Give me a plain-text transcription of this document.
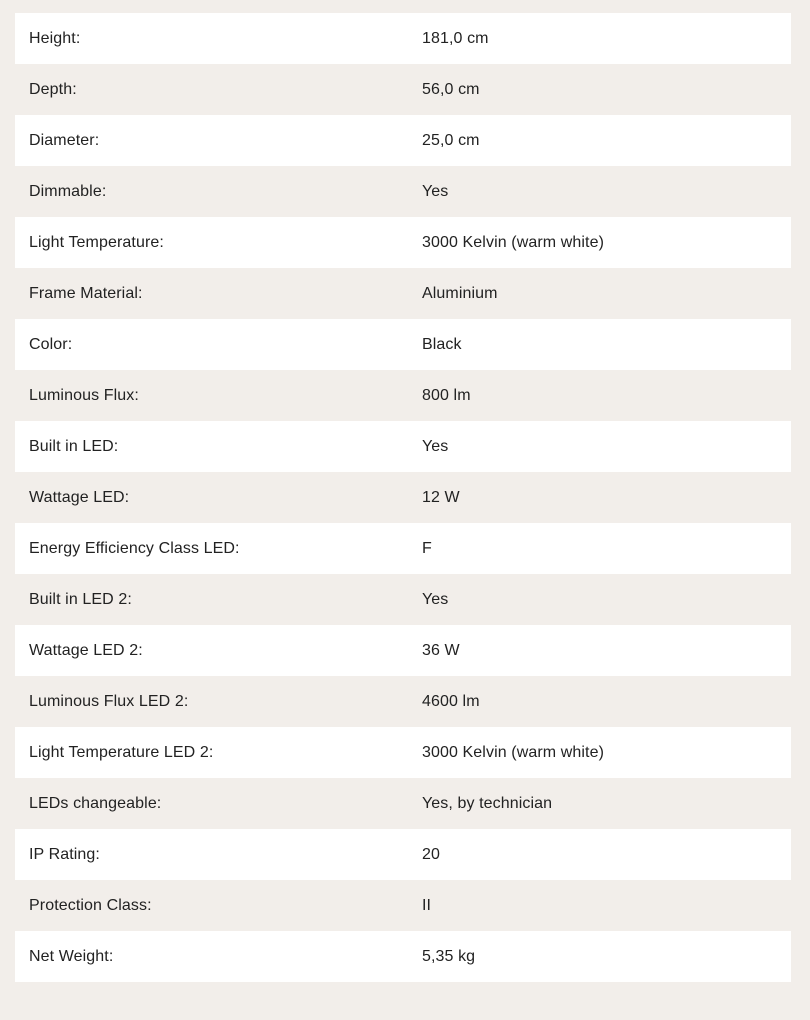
Height:	181,0 cm
Depth:	56,0 cm
Diameter:	25,0 cm
Dimmable:	Yes
Light Temperature:	3000 Kelvin (warm white)
Frame Material:	Aluminium
Color:	Black
Luminous Flux:	800 lm
Built in LED:	Yes
Wattage LED:	12 W
Energy Efficiency Class LED:	F
Built in LED 2:	Yes
Wattage LED 2:	36 W
Luminous Flux LED 2:	4600 lm
Light Temperature LED 2:	3000 Kelvin (warm white)
LEDs changeable:	Yes, by technician
IP Rating:	20
Protection Class:	II
Net Weight:	5,35 kg
